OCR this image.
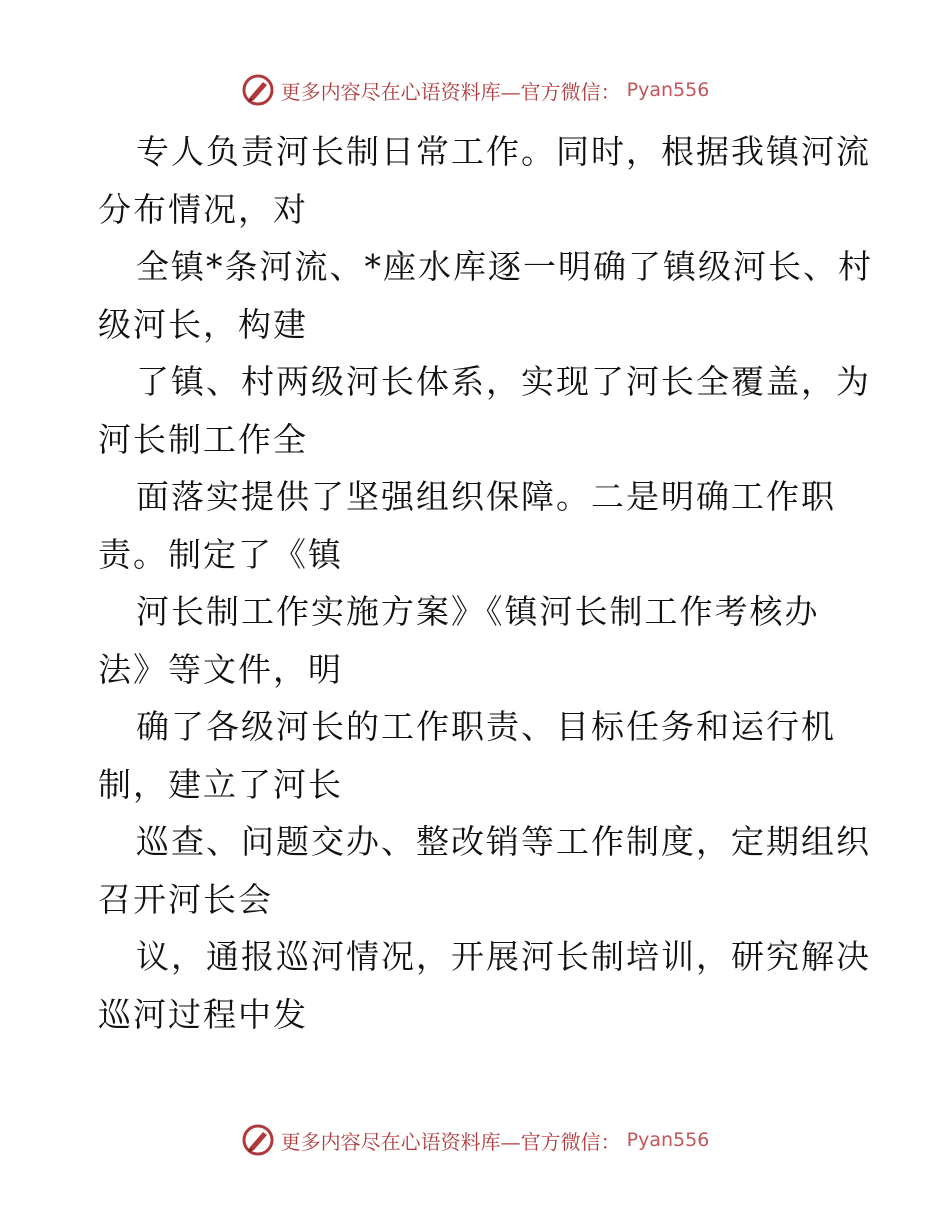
更多内容尽在心语资料库—官方微信： Pyan556
专人负责河长制日常工作。同时，根据我镇河流
分布情况，对
全镇*条河流、*座水库逐一明确了镇级河长、村
级河长，构建
了镇、村两级河长体系，实现了河长全覆盖，为
河长制工作全
面落实提供了坚强组织保障。二是明确工作职
责。制定了《镇
河长制工作实施方案》《镇河长制工作考核办
法》等文件，明
确了各级河长的工作职责、目标任务和运行机
制，建立了河长
巡查、问题交办、整改销等工作制度，定期组织
召开河长会
议，通报巡河情况，开展河长制培训，研究解决
巡河过程中发
更多内容尽在心语资料库—官方微信： Pyan556
